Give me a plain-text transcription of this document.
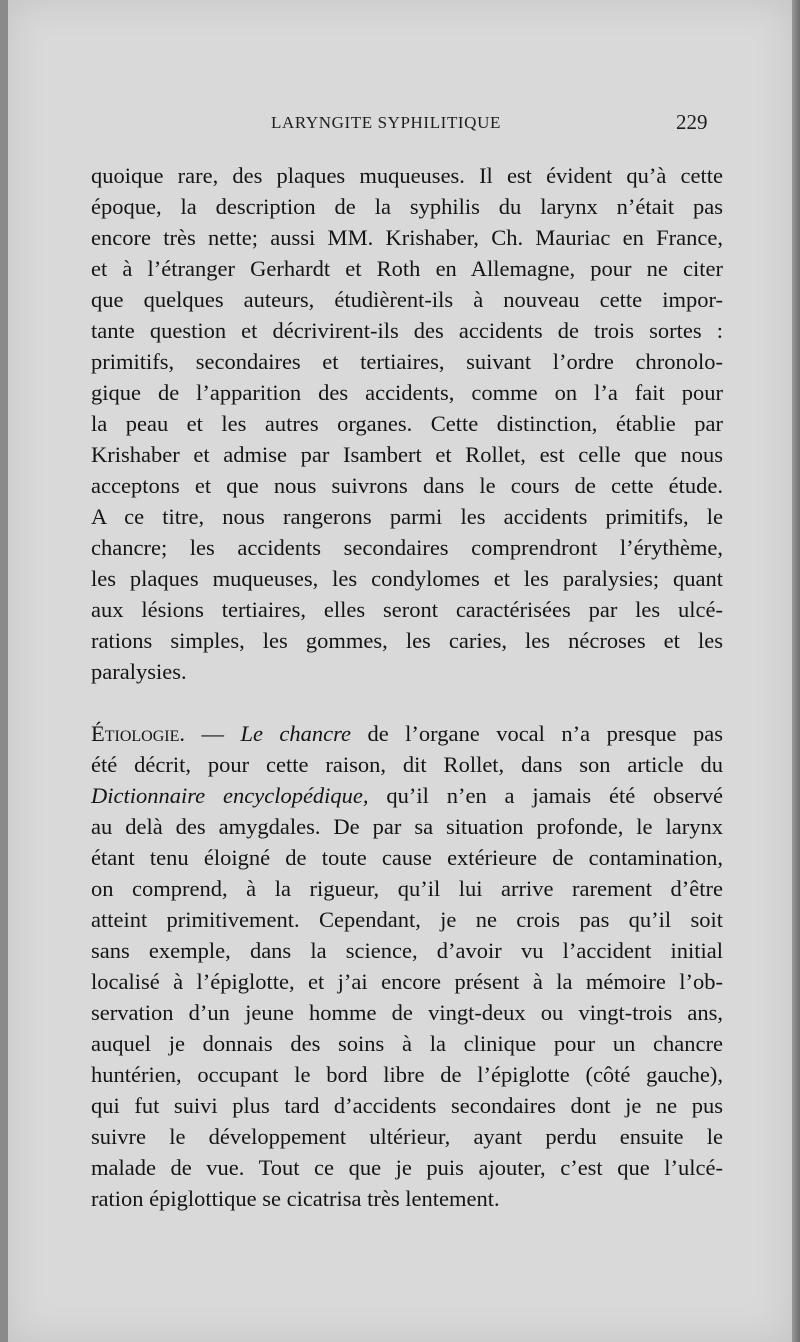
LARYNGITE SYPHILITIQUE	229
quoique rare, des plaques muqueuses. Il est évident qu’à cette
époque, la description de la syphilis du larynx n’était pas
encore très nette; aussi MM. Krishaber, Ch. Mauriac en France,
et à l’étranger Gerhardt et Roth en Allemagne, pour ne citer
que quelques auteurs, étudièrent-ils à nouveau cette impor-
tante question et décrivirent-ils des accidents de trois sortes :
primitifs, secondaires et tertiaires, suivant l’ordre chronolo-
gique de l’apparition des accidents, comme on l’a fait pour
la peau et les autres organes. Cette distinction, établie par
Krishaber et admise par Isambert et Rollet, est celle que nous
acceptons et que nous suivrons dans le cours de cette étude.
A ce titre, nous rangerons parmi les accidents primitifs, le
chancre; les accidents secondaires comprendront l’érythème,
les plaques muqueuses, les condylomes et les paralysies; quant
aux lésions tertiaires, elles seront caractérisées par les ulcé-
rations simples, les gommes, les caries, les nécroses et les
paralysies.
Étiologie. — Le chancre de l’organe vocal n’a presque pas
été décrit, pour cette raison, dit Rollet, dans son article du
Dictionnaire encyclopédique, qu’il n’en a jamais été observé
au delà des amygdales. De par sa situation profonde, le larynx
étant tenu éloigné de toute cause extérieure de contamination,
on comprend, à la rigueur, qu’il lui arrive rarement d’être
atteint primitivement. Cependant, je ne crois pas qu’il soit
sans exemple, dans la science, d’avoir vu l’accident initial
localisé à l’épiglotte, et j’ai encore présent à la mémoire l’ob-
servation d’un jeune homme de vingt-deux ou vingt-trois ans,
auquel je donnais des soins à la clinique pour un chancre
huntérien, occupant le bord libre de l’épiglotte (côté gauche),
qui fut suivi plus tard d’accidents secondaires dont je ne pus
suivre le développement ultérieur, ayant perdu ensuite le
malade de vue. Tout ce que je puis ajouter, c’est que l’ulcé-
ration épiglottique se cicatrisa très lentement.
